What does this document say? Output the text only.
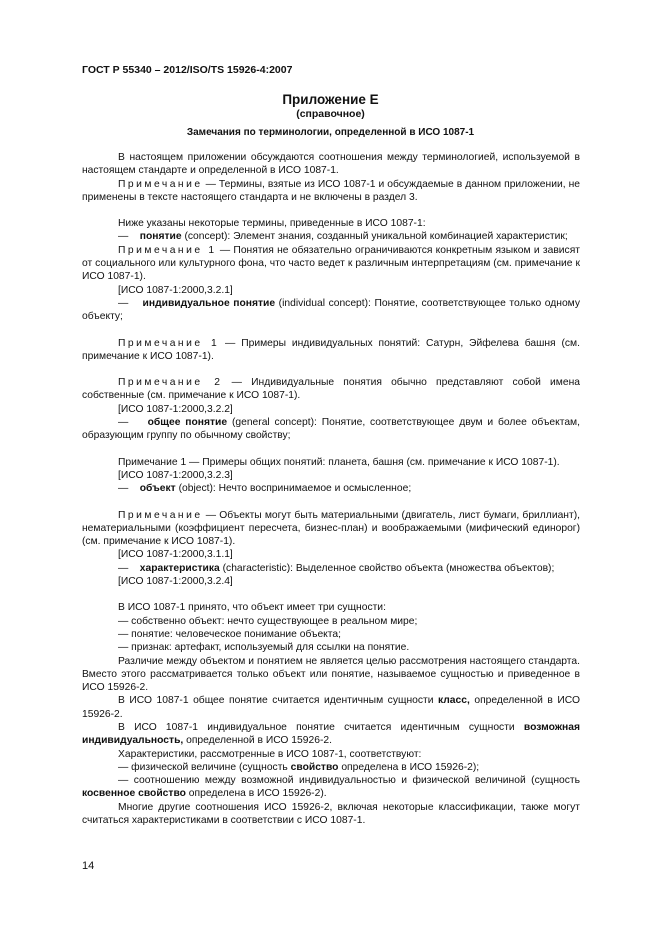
ГОСТ Р 55340 – 2012/ISO/TS 15926-4:2007
Приложение Е
(справочное)
Замечания по терминологии, определенной в ИСО 1087-1

В настоящем приложении обсуждаются соотношения между терминологией, используемой в настоящем стандарте и определенной в ИСО 1087-1.

Примечание — Термины, взятые из ИСО 1087-1 и обсуждаемые в данном приложении, не применены в тексте настоящего стандарта и не включены в раздел 3.

Ниже указаны некоторые термины, приведенные в ИСО 1087-1:

— понятие (concept): Элемент знания, созданный уникальной комбинацией характеристик;

Примечание 1 — Понятия не обязательно ограничиваются конкретным языком и зависят от социального или культурного фона, что часто ведет к различным интерпретациям (см. примечание к ИСО 1087-1).

[ИСО 1087-1:2000,3.2.1]

— индивидуальное понятие (individual concept): Понятие, соответствующее только одному объекту;

Примечание 1 — Примеры индивидуальных понятий: Сатурн, Эйфелева башня (см. примечание к ИСО 1087-1).

Примечание 2 — Индивидуальные понятия обычно представляют собой имена собственные (см. примечание к ИСО 1087-1).

[ИСО 1087-1:2000,3.2.2]

— общее понятие (general concept): Понятие, соответствующее двум и более объектам, образующим группу по обычному свойству;

Примечание 1 — Примеры общих понятий: планета, башня (см. примечание к ИСО 1087-1).

[ИСО 1087-1:2000,3.2.3]

— объект (object): Нечто воспринимаемое и осмысленное;

Примечание — Объекты могут быть материальными (двигатель, лист бумаги, бриллиант), нематериальными (коэффициент пересчета, бизнес-план) и воображаемыми (мифический единорог) (см. примечание к ИСО 1087-1).

[ИСО 1087-1:2000,3.1.1]

— характеристика (characteristic): Выделенное свойство объекта (множества объектов);

[ИСО 1087-1:2000,3.2.4]

В ИСО 1087-1 принято, что объект имеет три сущности:

— собственно объект: нечто существующее в реальном мире;

— понятие: человеческое понимание объекта;

— признак: артефакт, используемый для ссылки на понятие.

Различие между объектом и понятием не является целью рассмотрения настоящего стандарта. Вместо этого рассматривается только объект или понятие, называемое сущностью и приведенное в ИСО 15926-2.

В ИСО 1087-1 общее понятие считается идентичным сущности класс, определенной в ИСО 15926-2.

В ИСО 1087-1 индивидуальное понятие считается идентичным сущности возможная индивидуальность, определенной в ИСО 15926-2.

Характеристики, рассмотренные в ИСО 1087-1, соответствуют:

— физической величине (сущность свойство определена в ИСО 15926-2);

— соотношению между возможной индивидуальностью и физической величиной (сущность косвенное свойство определена в ИСО 15926-2).

Многие другие соотношения ИСО 15926-2, включая некоторые классификации, также могут считаться характеристиками в соответствии с ИСО 1087-1.

14
